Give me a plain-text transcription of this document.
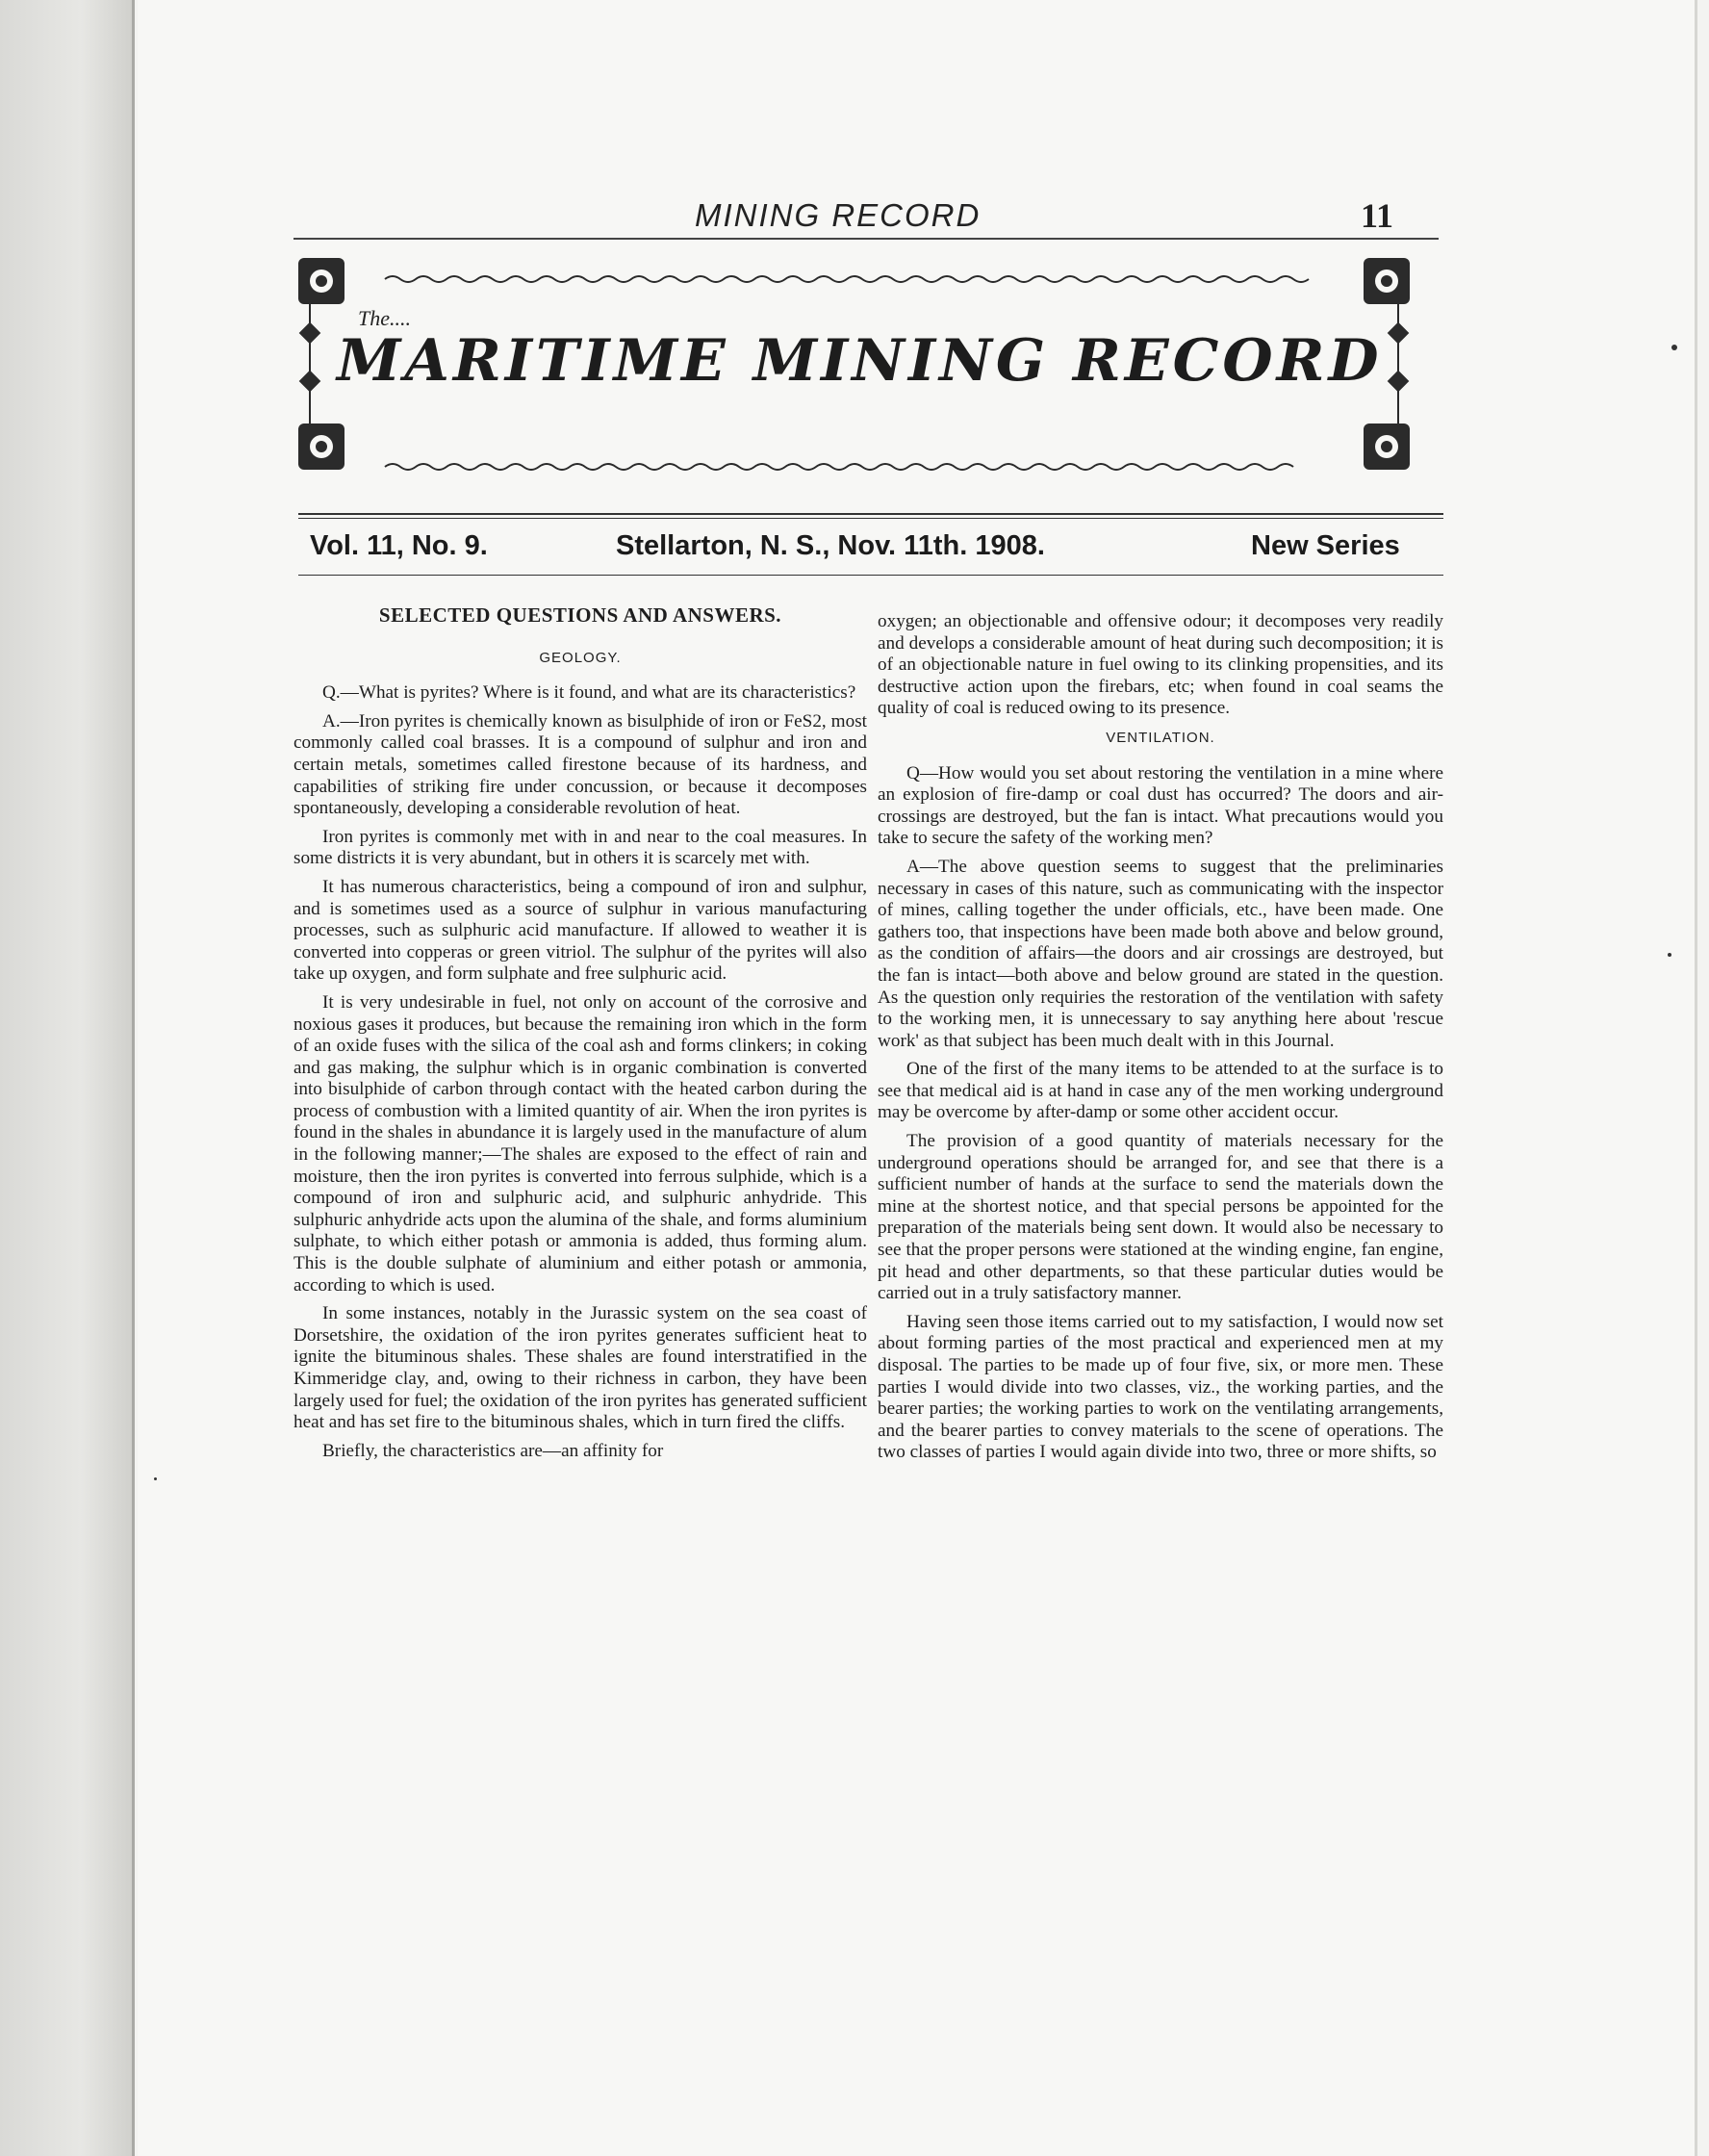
MINING RECORD	11
The....
MARITIME MINING RECORD
Vol. 11, No. 9.	Stellarton, N. S., Nov. 11th. 1908.	New Series
SELECTED QUESTIONS AND ANSWERS.
GEOLOGY.

Q.—What is pyrites? Where is it found, and what are its characteristics?

A.—Iron pyrites is chemically known as bisulphide of iron or FeS2, most commonly called coal brasses. It is a compound of sulphur and iron and certain metals, sometimes called firestone because of its hardness, and capabilities of striking fire under concussion, or because it decomposes spontaneously, developing a considerable revolution of heat.

Iron pyrites is commonly met with in and near to the coal measures. In some districts it is very abundant, but in others it is scarcely met with.

It has numerous characteristics, being a compound of iron and sulphur, and is sometimes used as a source of sulphur in various manufacturing processes, such as sulphuric acid manufacture. If allowed to weather it is converted into copperas or green vitriol. The sulphur of the pyrites will also take up oxygen, and form sulphate and free sulphuric acid.

It is very undesirable in fuel, not only on account of the corrosive and noxious gases it produces, but because the remaining iron which in the form of an oxide fuses with the silica of the coal ash and forms clinkers; in coking and gas making, the sulphur which is in organic combination is converted into bisulphide of carbon through contact with the heated carbon during the process of combustion with a limited quantity of air. When the iron pyrites is found in the shales in abundance it is largely used in the manufacture of alum in the following manner;—The shales are exposed to the effect of rain and moisture, then the iron pyrites is converted into ferrous sulphide, which is a compound of iron and sulphuric acid, and sulphuric anhydride. This sulphuric anhydride acts upon the alumina of the shale, and forms aluminium sulphate, to which either potash or ammonia is added, thus forming alum. This is the double sulphate of aluminium and either potash or ammonia, according to which is used.

In some instances, notably in the Jurassic system on the sea coast of Dorsetshire, the oxidation of the iron pyrites generates sufficient heat to ignite the bituminous shales. These shales are found interstratified in the Kimmeridge clay, and, owing to their richness in carbon, they have been largely used for fuel; the oxidation of the iron pyrites has generated sufficient heat and has set fire to the bituminous shales, which in turn fired the cliffs.

Briefly, the characteristics are—an affinity for

oxygen; an objectionable and offensive odour; it decomposes very readily and develops a considerable amount of heat during such decomposition; it is of an objectionable nature in fuel owing to its clinking propensities, and its destructive action upon the firebars, etc; when found in coal seams the quality of coal is reduced owing to its presence.

VENTILATION.

Q—How would you set about restoring the ventilation in a mine where an explosion of fire-damp or coal dust has occurred? The doors and air-crossings are destroyed, but the fan is intact. What precautions would you take to secure the safety of the working men?

A—The above question seems to suggest that the preliminaries necessary in cases of this nature, such as communicating with the inspector of mines, calling together the under officials, etc., have been made. One gathers too, that inspections have been made both above and below ground, as the condition of affairs—the doors and air crossings are destroyed, but the fan is intact—both above and below ground are stated in the question. As the question only requiries the restoration of the ventilation with safety to the working men, it is unnecessary to say anything here about 'rescue work' as that subject has been much dealt with in this Journal.

One of the first of the many items to be attended to at the surface is to see that medical aid is at hand in case any of the men working underground may be overcome by after-damp or some other accident occur.

The provision of a good quantity of materials necessary for the underground operations should be arranged for, and see that there is a sufficient number of hands at the surface to send the materials down the mine at the shortest notice, and that special persons be appointed for the preparation of the materials being sent down. It would also be necessary to see that the proper persons were stationed at the winding engine, fan engine, pit head and other departments, so that these particular duties would be carried out in a truly satisfactory manner.

Having seen those items carried out to my satisfaction, I would now set about forming parties of the most practical and experienced men at my disposal. The parties to be made up of four five, six, or more men. These parties I would divide into two classes, viz., the working parties, and the bearer parties; the working parties to work on the ventilating arrangements, and the bearer parties to convey materials to the scene of operations. The two classes of parties I would again divide into two, three or more shifts, so
